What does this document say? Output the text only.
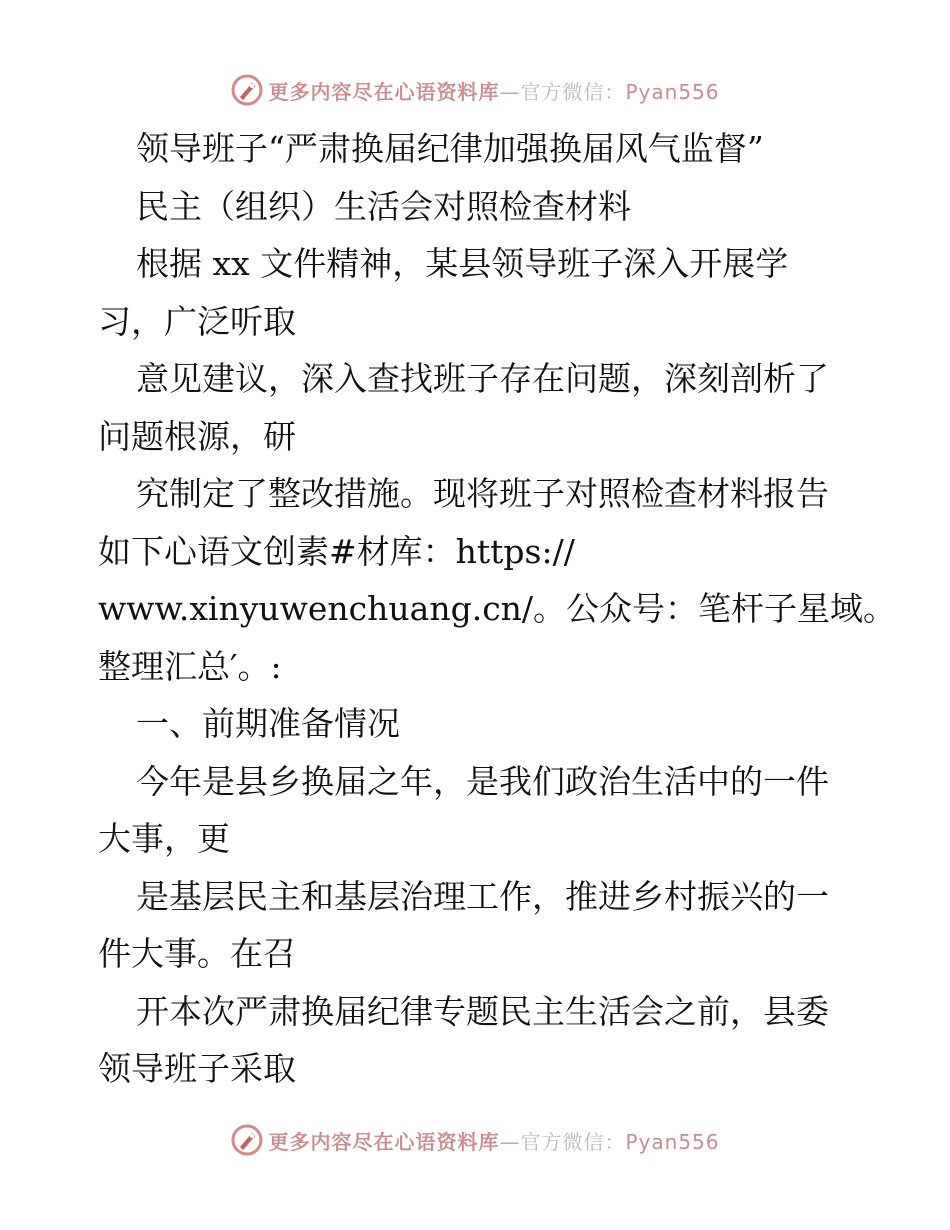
更多内容尽在心语资料库—官方微信：Pyan556
领导班子“严肃换届纪律加强换届风气监督”
民主（组织）生活会对照检查材料
根据 xx 文件精神，某县领导班子深入开展学
习，广泛听取
意见建议，深入查找班子存在问题，深刻剖析了
问题根源，研
究制定了整改措施。现将班子对照检查材料报告
如下心语文创素#材库：https://
www.xinyuwenchuang.cn/。公众号：笔杆子星域。
整理汇总′。:
一、前期准备情况
今年是县乡换届之年，是我们政治生活中的一件
大事，更
是基层民主和基层治理工作，推进乡村振兴的一
件大事。在召
开本次严肃换届纪律专题民主生活会之前，县委
领导班子采取
更多内容尽在心语资料库—官方微信：Pyan556
